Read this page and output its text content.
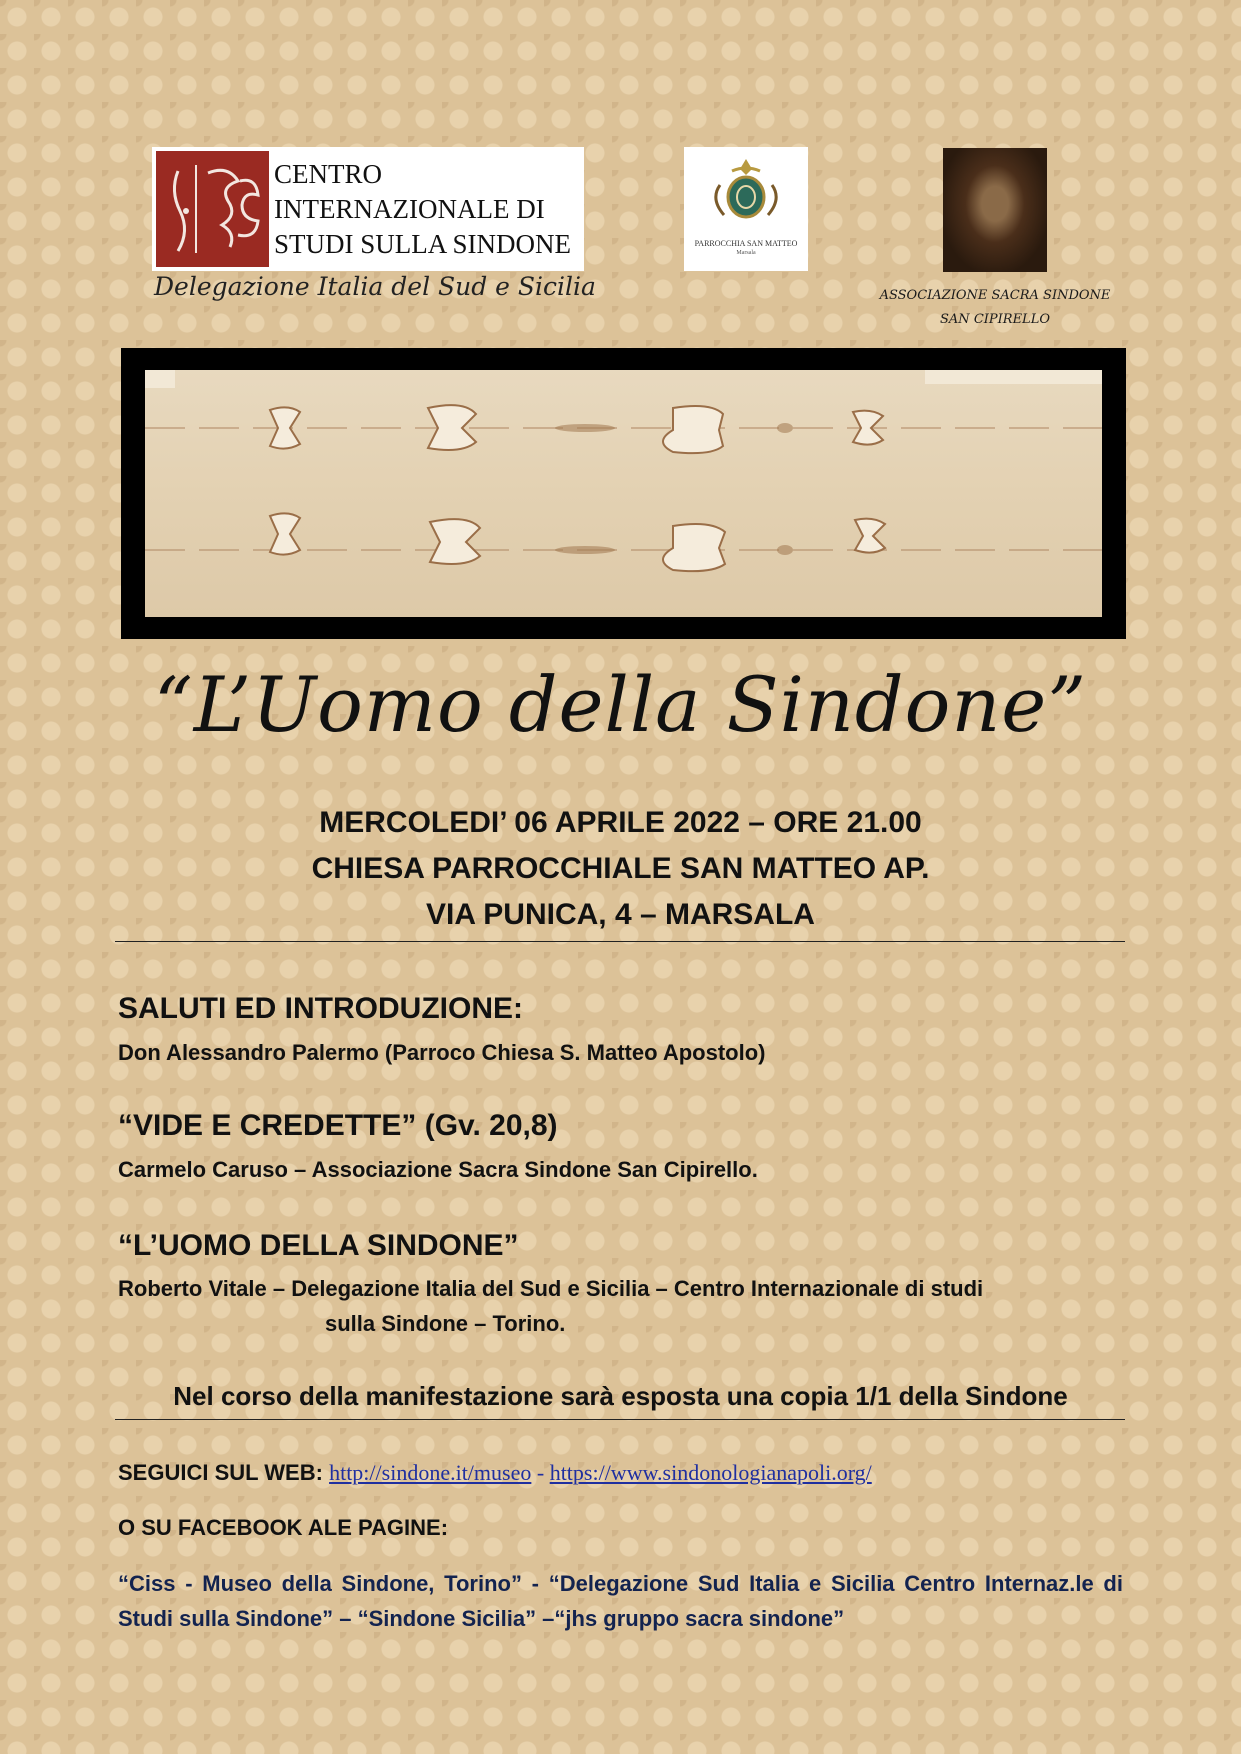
CENTRO
INTERNAZIONALE DI
STUDI SULLA SINDONE
Delegazione Italia del Sud e Sicilia
PARROCCHIA SAN MATTEO
Marsala
ASSOCIAZIONE SACRA SINDONE
SAN CIPIRELLO
“L’Uomo della Sindone”
MERCOLEDI’ 06 APRILE 2022 – ORE 21.00
CHIESA PARROCCHIALE SAN MATTEO AP.
VIA PUNICA, 4 – MARSALA
SALUTI ED INTRODUZIONE:
Don Alessandro Palermo (Parroco Chiesa S. Matteo Apostolo)
“VIDE E CREDETTE” (Gv. 20,8)
Carmelo Caruso – Associazione Sacra Sindone San Cipirello.
“L’UOMO DELLA SINDONE”
Roberto Vitale – Delegazione Italia del Sud e Sicilia – Centro Internazionale di studi
sulla Sindone – Torino.
Nel corso della manifestazione sarà esposta una copia 1/1 della Sindone
SEGUICI SUL WEB: http://sindone.it/museo - https://www.sindonologianapoli.org/
O SU FACEBOOK ALE PAGINE:
“Ciss - Museo della Sindone, Torino” - “Delegazione Sud Italia e Sicilia Centro Internaz.le di Studi sulla Sindone” – “Sindone Sicilia” –“jhs gruppo sacra sindone”
